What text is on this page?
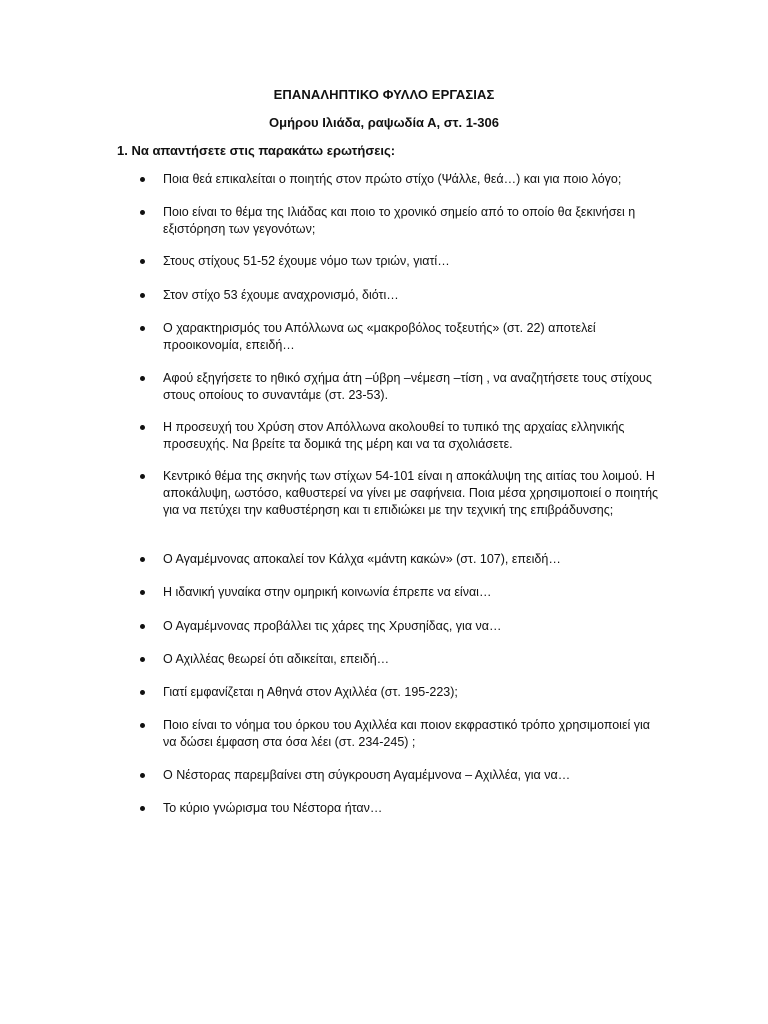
ΕΠΑΝΑΛΗΠΤΙΚΟ ΦΥΛΛΟ ΕΡΓΑΣΙΑΣ
Ομήρου Ιλιάδα, ραψωδία Α, στ. 1-306
1. Να απαντήσετε στις παρακάτω ερωτήσεις:
Ποια θεά επικαλείται ο ποιητής στον πρώτο στίχο (Ψάλλε, θεά…) και για ποιο λόγο;
Ποιο είναι το θέμα της Ιλιάδας και ποιο το χρονικό σημείο από το οποίο θα ξεκινήσει η εξιστόρηση των γεγονότων;
Στους στίχους 51-52 έχουμε νόμο των τριών, γιατί…
Στον στίχο 53 έχουμε αναχρονισμό, διότι…
Ο χαρακτηρισμός του Απόλλωνα ως «μακροβόλος τοξευτής» (στ. 22) αποτελεί προοικονομία, επειδή…
Αφού εξηγήσετε το ηθικό σχήμα άτη –ύβρη –νέμεση –τίση , να αναζητήσετε τους στίχους στους οποίους το συναντάμε (στ. 23-53).
Η προσευχή του Χρύση στον Απόλλωνα ακολουθεί το τυπικό της αρχαίας ελληνικής προσευχής. Να βρείτε τα δομικά της μέρη και να τα σχολιάσετε.
Κεντρικό θέμα της σκηνής των στίχων 54-101 είναι η αποκάλυψη της αιτίας του λοιμού. Η αποκάλυψη, ωστόσο, καθυστερεί να γίνει με σαφήνεια. Ποια μέσα χρησιμοποιεί ο ποιητής για να πετύχει την καθυστέρηση και τι επιδιώκει με την τεχνική της επιβράδυνσης;
Ο Αγαμέμνονας αποκαλεί τον Κάλχα «μάντη κακών» (στ. 107), επειδή…
Η ιδανική γυναίκα στην ομηρική κοινωνία έπρεπε να είναι…
Ο Αγαμέμνονας προβάλλει τις χάρες της Χρυσηίδας, για να…
Ο Αχιλλέας θεωρεί ότι αδικείται, επειδή…
Γιατί εμφανίζεται η Αθηνά στον Αχιλλέα (στ. 195-223);
Ποιο είναι το νόημα του όρκου του Αχιλλέα και ποιον εκφραστικό τρόπο χρησιμοποιεί για να δώσει έμφαση στα όσα λέει (στ. 234-245) ;
Ο Νέστορας παρεμβαίνει στη σύγκρουση Αγαμέμνονα – Αχιλλέα, για να…
Το κύριο γνώρισμα του Νέστορα ήταν…
